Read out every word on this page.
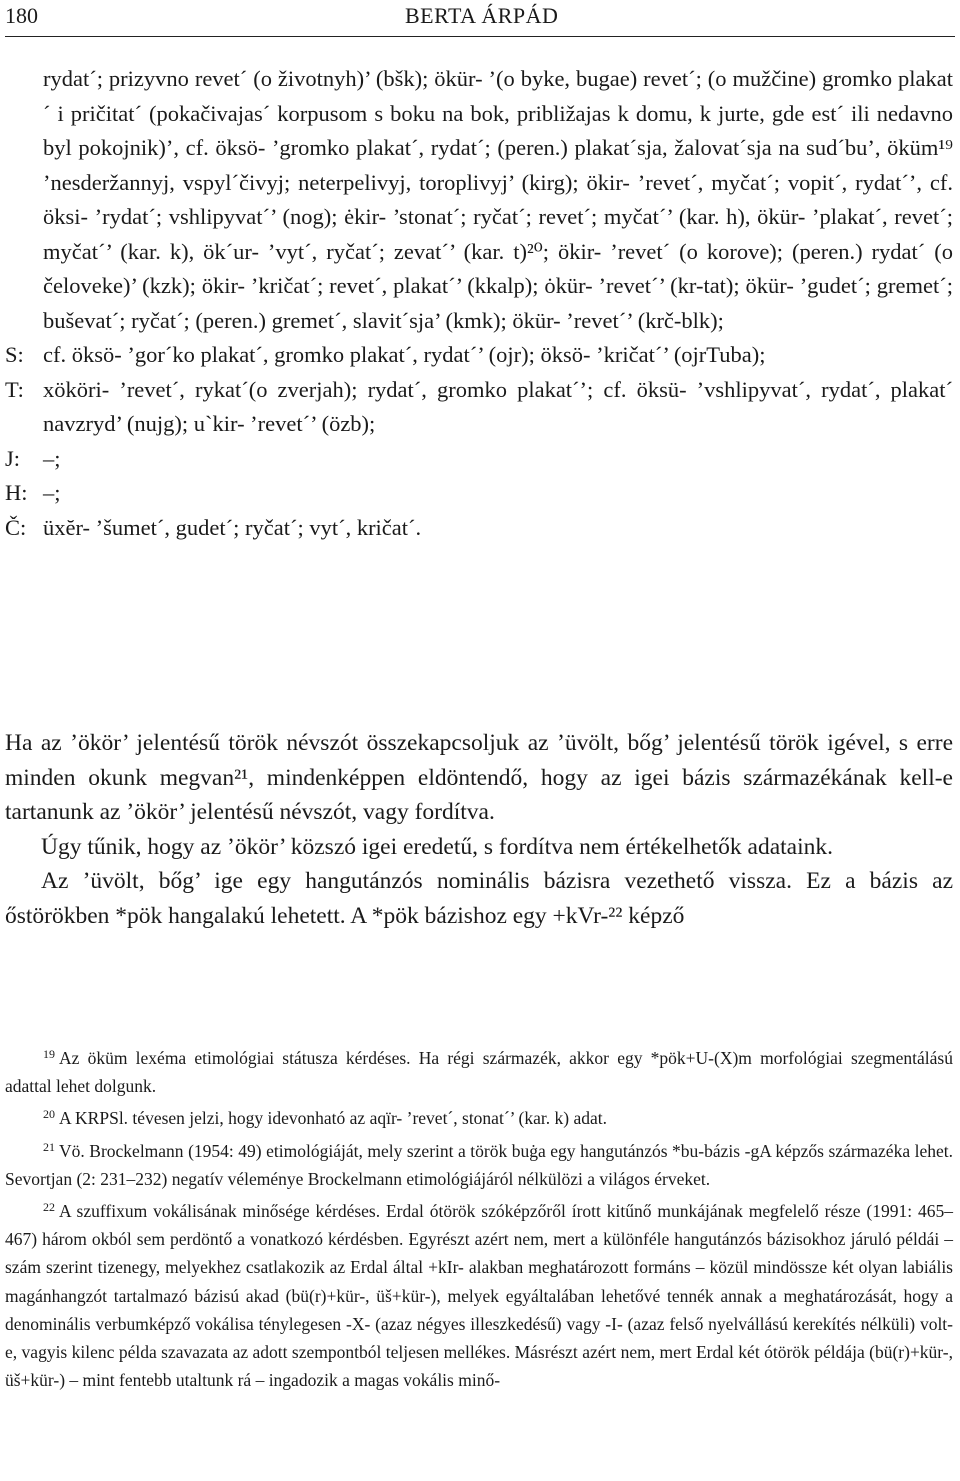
180	BERTA ÁRPÁD
rydat´; prizyvno revet´ (o životnyh)’ (bšk); ökür- ’(o byke, bugae) revet´; (o mužčine) gromko plakat´ i pričitat´ (pokačivajas´ korpusom s boku na bok, približajas k domu, k jurte, gde est´ ili nedavno byl pokojnik)’, cf. öksö- ’gromko plakat´, rydat´; (peren.) plakat´sja, žalovat´sja na sud´bu’, öküm¹⁹ ’nesderžannyj, vspyl´čivyj; neterpelivyj, toroplivyj’ (kirg); ökir- ’revet´, myčat´; vopit´, rydat´’, cf. öksi- ’rydat´; vshlipyvat´’ (nog); ėkir- ’stonat´; ryčat´; revet´; myčat´’ (kar. h), ökür- ’plakat´, revet´; myčat´’ (kar. k), ök´ur- ’vyt´, ryčat´; zevat´’ (kar. t)²⁰; ökir- ’revet´ (o korove); (peren.) rydat´ (o čeloveke)’ (kzk); ökir- ’kričat´; revet´, plakat´’ (kkalp); ȯkür- ’revet´’ (kr-tat); ökür- ’gudet´; gremet´; buševat´; ryčat´; (peren.) gremet´, slavit´sja’ (kmk); ökür- ’revet´’ (krč-blk);
S: cf. öksö- ’gor´ko plakat´, gromko plakat´, rydat´’ (ojr); öksö- ’kričat´’ (ojrTuba);
T: xököri- ’revet´, rykat´(o zverjah); rydat´, gromko plakat´’; cf. öksü- ’vshlipyvat´, rydat´, plakat´ navzryd’ (nujg); u`kir- ’revet´’ (özb);
J:	–;
H: –;
Č: üxĕr- ’šumet´, gudet´; ryčat´; vyt´, kričat´.

Ha az ’ökör’ jelentésű török névszót összekapcsoljuk az ’üvölt, bőg’ jelentésű török igével, s erre minden okunk megvan²¹, mindenképpen eldöntendő, hogy az igei bázis származékának kell-e tartanunk az ’ökör’ jelentésű névszót, vagy fordítva.

Úgy tűnik, hogy az ’ökör’ közszó igei eredetű, s fordítva nem értékelhetők adataink.

Az ’üvölt, bőg’ ige egy hangutánzós nominális bázisra vezethető vissza. Ez a bázis az őstörökben *pök hangalakú lehetett. A *pök bázishoz egy +kVr-²² képző

19 Az öküm lexéma etimológiai státusza kérdéses. Ha régi származék, akkor egy *pök+U-(X)m morfológiai szegmentálású adattal lehet dolgunk.

20 A KRPSl. tévesen jelzi, hogy idevonható az aqïr- ’revet´, stonat´’ (kar. k) adat.

21 Vö. Brockelmann (1954: 49) etimológiáját, mely szerint a török buġa egy hangutánzós *bu-bázis -gA képzős származéka lehet. Sevortjan (2: 231–232) negatív véleménye Brockelmann etimológiájáról nélkülözi a világos érveket.

22 A szuffixum vokálisának minősége kérdéses. Erdal ótörök szóképzőről írott kitűnő munkájának megfelelő része (1991: 465–467) három okból sem perdöntő a vonatkozó kérdésben. Egyrészt azért nem, mert a különféle hangutánzós bázisokhoz járuló példái – szám szerint tizenegy, melyekhez csatlakozik az Erdal által +kIr- alakban meghatározott formáns – közül mindössze két olyan labiális magánhangzót tartalmazó bázisú akad (bü(r)+kür-, üš+kür-), melyek egyáltalában lehetővé tennék annak a meghatározását, hogy a denominális verbumképző vokálisa ténylegesen -X- (azaz négyes illeszkedésű) vagy -I- (azaz felső nyelvállású kerekítés nélküli) volt-e, vagyis kilenc példa szavazata az adott szempontból teljesen mellékes. Másrészt azért nem, mert Erdal két ótörök példája (bü(r)+kür-, üš+kür-) – mint fentebb utaltunk rá – ingadozik a magas vokális minő-
